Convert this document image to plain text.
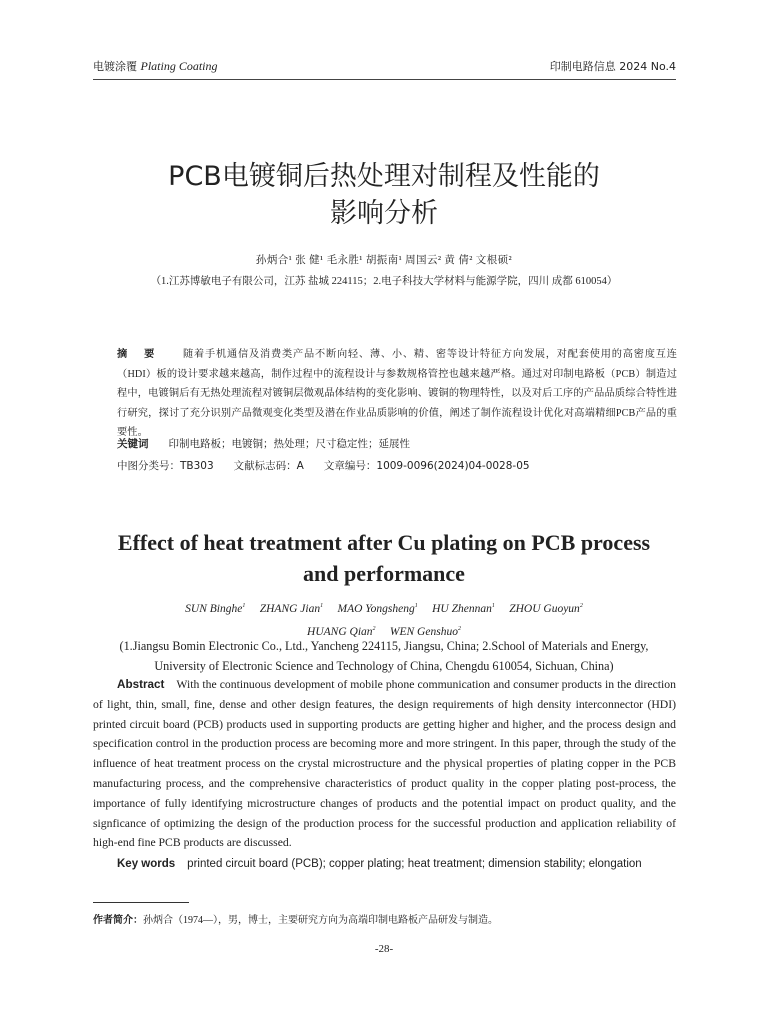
电镀涂覆 Plating Coating	印制电路信息 2024 No.4
PCB电镀铜后热处理对制程及性能的
影响分析
孙炳合¹ 张 健¹ 毛永胜¹ 胡振南¹ 周国云² 黄 倩² 文根硕²
（1.江苏博敏电子有限公司，江苏 盐城 224115；2.电子科技大学材料与能源学院，四川 成都 610054）

摘 要 随着手机通信及消费类产品不断向轻、薄、小、精、密等设计特征方向发展，对配套使用的高密度互连（HDI）板的设计要求越来越高，制作过程中的流程设计与参数规格管控也越来越严格。通过对印制电路板（PCB）制造过程中，电镀铜后有无热处理流程对镀铜层微观晶体结构的变化影响、镀铜的物理特性，以及对后工序的产品品质综合特性进行研究，探讨了充分识别产品微观变化类型及潜在作业品质影响的价值，阐述了制作流程设计优化对高端精细PCB产品的重要性。

关键词 印制电路板；电镀铜；热处理；尺寸稳定性；延展性
中图分类号：TB303      文献标志码：A      文章编号：1009-0096(2024)04-0028-05
Effect of heat treatment after Cu plating on PCB process
and performance
SUN Binghe$^1$ ZHANG Jian$^1$ MAO Yongsheng$^1$ HU Zhennan$^1$ ZHOU Guoyun$^2$
HUANG Qian$^2$ WEN Genshuo$^2$
(1.Jiangsu Bomin Electronic Co., Ltd., Yancheng 224115, Jiangsu, China; 2.School of Materials and Energy,
University of Electronic Science and Technology of China, Chengdu 610054, Sichuan, China)

Abstract With the continuous development of mobile phone communication and consumer products in the direction of light, thin, small, fine, dense and other design features, the design requirements of high density interconnector (HDI) printed circuit board (PCB) products used in supporting products are getting higher and higher, and the process design and specification control in the production process are becoming more and more stringent. In this paper, through the study of the influence of heat treatment process on the crystal microstructure and the physical properties of plating copper in the PCB manufacturing process, and the comprehensive characteristics of product quality in the copper plating post-process, the importance of fully identifying microstructure changes of products and the potential impact on product quality, and the signficance of optimizing the design of the production process for the successful production and application reliability of high-end fine PCB products are discussed.

Key words printed circuit board (PCB); copper plating; heat treatment; dimension stability; elongation

作者简介：孙炳合（1974—），男，博士，主要研究方向为高端印制电路板产品研发与制造。
-28-
